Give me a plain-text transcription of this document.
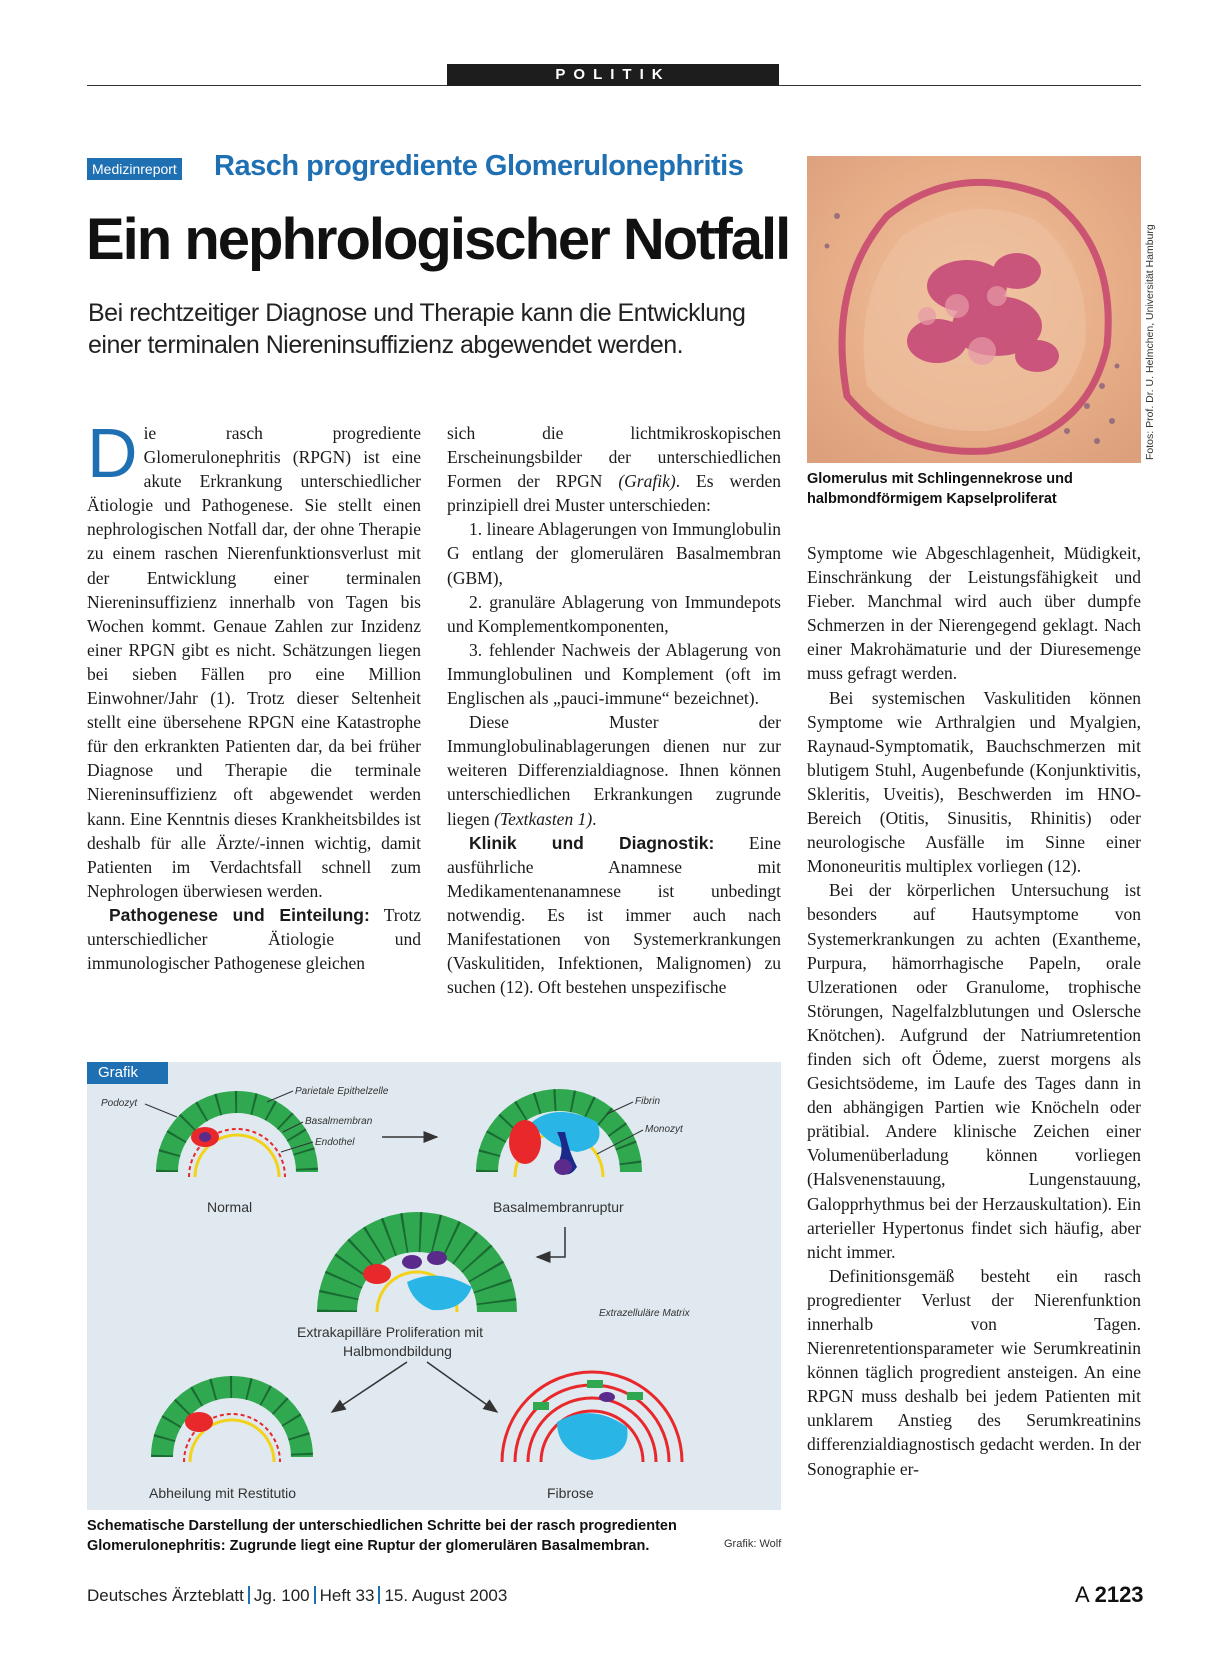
POLITIK
Medizinreport Rasch progrediente Glomerulonephritis
Ein nephrologischer Notfall
Bei rechtzeitiger Diagnose und Therapie kann die Entwicklung einer terminalen Niereninsuffizienz abgewendet werden.

Die rasch progrediente Glomerulonephritis (RPGN) ist eine akute Erkrankung unterschiedlicher Ätiologie und Pathogenese. Sie stellt einen nephrologischen Notfall dar, der ohne Therapie zu einem raschen Nierenfunktionsverlust mit der Entwicklung einer terminalen Niereninsuffizienz innerhalb von Tagen bis Wochen kommt. Genaue Zahlen zur Inzidenz einer RPGN gibt es nicht. Schätzungen liegen bei sieben Fällen pro eine Million Einwohner/Jahr (1). Trotz dieser Seltenheit stellt eine übersehene RPGN eine Katastrophe für den erkrankten Patienten dar, da bei früher Diagnose und Therapie die terminale Niereninsuffizienz oft abgewendet werden kann. Eine Kenntnis dieses Krankheitsbildes ist deshalb für alle Ärzte/-innen wichtig, damit Patienten im Verdachtsfall schnell zum Nephrologen überwiesen werden.

Pathogenese und Einteilung: Trotz unterschiedlicher Ätiologie und immunologischer Pathogenese gleichen

sich die lichtmikroskopischen Erscheinungsbilder der unterschiedlichen Formen der RPGN (Grafik). Es werden prinzipiell drei Muster unterschieden:

1. lineare Ablagerungen von Immunglobulin G entlang der glomerulären Basalmembran (GBM),

2. granuläre Ablagerung von Immundepots und Komplementkomponenten,

3. fehlender Nachweis der Ablagerung von Immunglobulinen und Komplement (oft im Englischen als „pauci-immune“ bezeichnet).

Diese Muster der Immunglobulinablagerungen dienen nur zur weiteren Differenzialdiagnose. Ihnen können unterschiedlichen Erkrankungen zugrunde liegen (Textkasten 1).

Klinik und Diagnostik: Eine ausführliche Anamnese mit Medikamentenanamnese ist unbedingt notwendig. Es ist immer auch nach Manifestationen von Systemerkrankungen (Vaskulitiden, Infektionen, Malignomen) zu suchen (12). Oft bestehen unspezifische

Fotos: Prof. Dr. U. Helmchen, Universität Hamburg
Glomerulus mit Schlingennekrose und halbmondförmigem Kapselproliferat

Symptome wie Abgeschlagenheit, Müdigkeit, Einschränkung der Leistungsfähigkeit und Fieber. Manchmal wird auch über dumpfe Schmerzen in der Nierengegend geklagt. Nach einer Makrohämaturie und der Diuresemenge muss gefragt werden.

Bei systemischen Vaskulitiden können Symptome wie Arthralgien und Myalgien, Raynaud-Symptomatik, Bauchschmerzen mit blutigem Stuhl, Augenbefunde (Konjunktivitis, Skleritis, Uveitis), Beschwerden im HNO-Bereich (Otitis, Sinusitis, Rhinitis) oder neurologische Ausfälle im Sinne einer Mononeuritis multiplex vorliegen (12).

Bei der körperlichen Untersuchung ist besonders auf Hautsymptome von Systemerkrankungen zu achten (Exantheme, Purpura, hämorrhagische Papeln, orale Ulzerationen oder Granulome, trophische Störungen, Nagelfalzblutungen und Oslersche Knötchen). Aufgrund der Natriumretention finden sich oft Ödeme, zuerst morgens als Gesichtsödeme, im Laufe des Tages dann in den abhängigen Partien wie Knöcheln oder prätibial. Andere klinische Zeichen einer Volumenüberladung können vorliegen (Halsvenenstauung, Lungenstauung, Galopprhythmus bei der Herzauskultation). Ein arterieller Hypertonus findet sich häufig, aber nicht immer.

Definitionsgemäß besteht ein rasch progredienter Verlust der Nierenfunktion innerhalb von Tagen. Nierenretentionsparameter wie Serumkreatinin können täglich progredient ansteigen. An eine RPGN muss deshalb bei jedem Patienten mit unklarem Anstieg des Serumkreatinins differenzialdiagnostisch gedacht werden. In der Sonographie er-

Normal
Podozyt
Parietale Epithelzelle
Basalmembran
Endothel
Basalmembranruptur
Fibrin
Monozyt
Extrakapilläre Proliferation mit
Halbmondbildung
Extrazelluläre Matrix
Abheilung mit Restitutio	Fibrose
Grafik
Schematische Darstellung der unterschiedlichen Schritte bei der rasch progredienten Glomerulonephritis: Zugrunde liegt eine Ruptur der glomerulären Basalmembran.	Grafik: Wolf
Deutsches Ärzteblatt Jg. 100 Heft 33 15. August 2003	A 2123
